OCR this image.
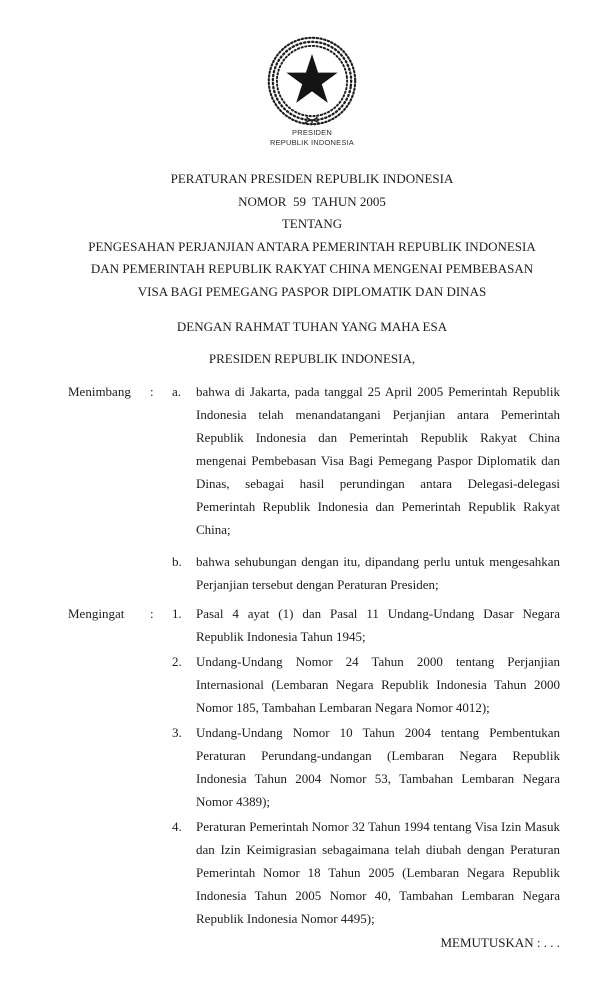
PRESIDEN
REPUBLIK INDONESIA
PERATURAN PRESIDEN REPUBLIK INDONESIA
NOMOR  59  TAHUN 2005
TENTANG
PENGESAHAN PERJANJIAN ANTARA PEMERINTAH REPUBLIK INDONESIA
DAN PEMERINTAH REPUBLIK RAKYAT CHINA MENGENAI PEMBEBASAN
VISA BAGI PEMEGANG PASPOR DIPLOMATIK DAN DINAS
DENGAN RAHMAT TUHAN YANG MAHA ESA
PRESIDEN REPUBLIK INDONESIA,
Menimbang	:	a.	bahwa di Jakarta, pada tanggal 25 April 2005 Pemerintah Republik Indonesia telah menandatangani Perjanjian antara Pemerintah Republik Indonesia dan Pemerintah Republik Rakyat China mengenai Pembebasan Visa Bagi Pemegang Paspor Diplomatik dan Dinas, sebagai hasil perundingan antara Delegasi-delegasi Pemerintah Republik Indonesia dan Pemerintah Republik Rakyat China;
b.	bahwa sehubungan dengan itu, dipandang perlu untuk mengesahkan Perjanjian tersebut dengan Peraturan Presiden;
Mengingat	:	1.	Pasal 4 ayat (1) dan Pasal 11 Undang-Undang Dasar Negara Republik Indonesia Tahun 1945;
2.	Undang-Undang Nomor 24 Tahun 2000 tentang Perjanjian Internasional (Lembaran Negara Republik Indonesia Tahun 2000 Nomor 185, Tambahan Lembaran Negara Nomor 4012);
3.	Undang-Undang Nomor 10 Tahun 2004 tentang Pembentukan Peraturan Perundang-undangan (Lembaran Negara Republik Indonesia Tahun 2004 Nomor 53, Tambahan Lembaran Negara Nomor 4389);
4.	Peraturan Pemerintah Nomor 32 Tahun 1994 tentang Visa Izin Masuk dan Izin Keimigrasian sebagaimana telah diubah dengan Peraturan Pemerintah Nomor 18 Tahun 2005 (Lembaran Negara Republik Indonesia Tahun 2005 Nomor 40, Tambahan Lembaran Negara Republik Indonesia Nomor 4495);
MEMUTUSKAN : . . .
